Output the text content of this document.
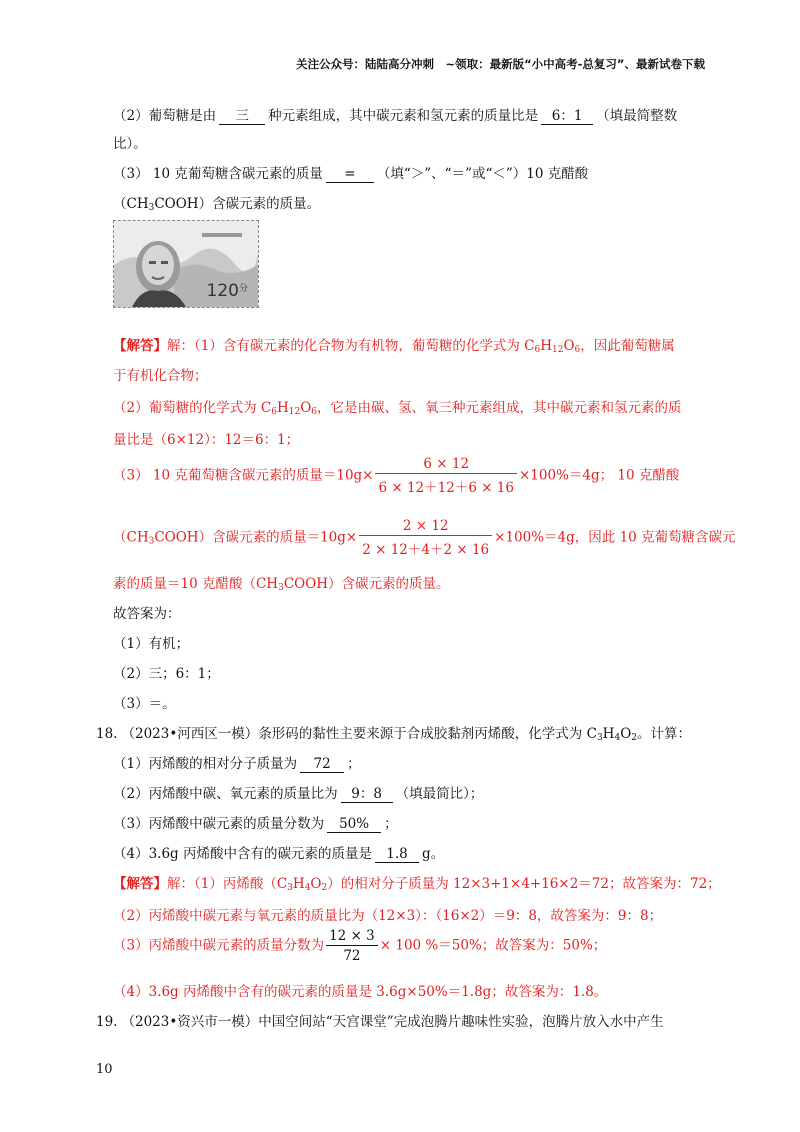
关注公众号：陆陆高分冲刺　~领取：最新版“小中高考-总复习”、最新试卷下载
（2）葡萄糖是由 三 种元素组成，其中碳元素和氢元素的质量比是 6：1 （填最简整数
比）。
（3） 10 克葡萄糖含碳元素的质量 = （填“＞”、“＝”或“＜”）10 克醋酸
$(CH_3COOH)$含碳元素的质量。
$120^分$
【解答】解：（1）含有碳元素的化合物为有机物，葡萄糖的化学式为 $C_6H_{12}O_6$，因此葡萄糖属
于有机化合物；
（2）葡萄糖的化学式为 $C_6H_{12}O_6$，它是由碳、氢、氧三种元素组成，其中碳元素和氢元素的质
量比是（6×12）：12＝6：1；
（3） 10 克葡萄糖含碳元素的质量$=10g\times \frac{6 \times 12}{6 \times 12+12+6 \times 16} \times 100\%=4g$； 10 克醋酸
$(CH_3COOH)$含碳元素的质量$=10g\times \frac{2 \times 12}{2 \times 12+4+2 \times 16} \times 100\%=4g$，因此 10 克葡萄糖含碳元
素的质量＝10 克醋酸$(CH_3COOH)$含碳元素的质量。
故答案为：
（1）有机；
（2）三；6：1；
（3）＝。
18. （2023•河西区一模）条形码的黏性主要来源于合成胶黏剂丙烯酸，化学式为 $C_3H_4O_2$。计算：
（1）丙烯酸的相对分子质量为 72 ；
（2）丙烯酸中碳、氧元素的质量比为 9：8 （填最简比）；
（3）丙烯酸中碳元素的质量分数为 50% ；
（4）3.6g 丙烯酸中含有的碳元素的质量是 1.8 g。
【解答】解：（1）丙烯酸$(C_3H_4O_2)$的相对分子质量为 12×3+1×4+16×2＝72；故答案为：72；
（2）丙烯酸中碳元素与氧元素的质量比为（12×3）：（16×2）＝9：8，故答案为：9：8；
（3）丙烯酸中碳元素的质量分数为 $\frac{12 \times 3}{72} \times 100$ %＝50%；故答案为：50%；
（4）3.6g 丙烯酸中含有的碳元素的质量是 3.6g×50%＝1.8g；故答案为：1.8。
19. （2023•资兴市一模）中国空间站“天宫课堂”完成泡腾片趣味性实验，泡腾片放入水中产生
10
